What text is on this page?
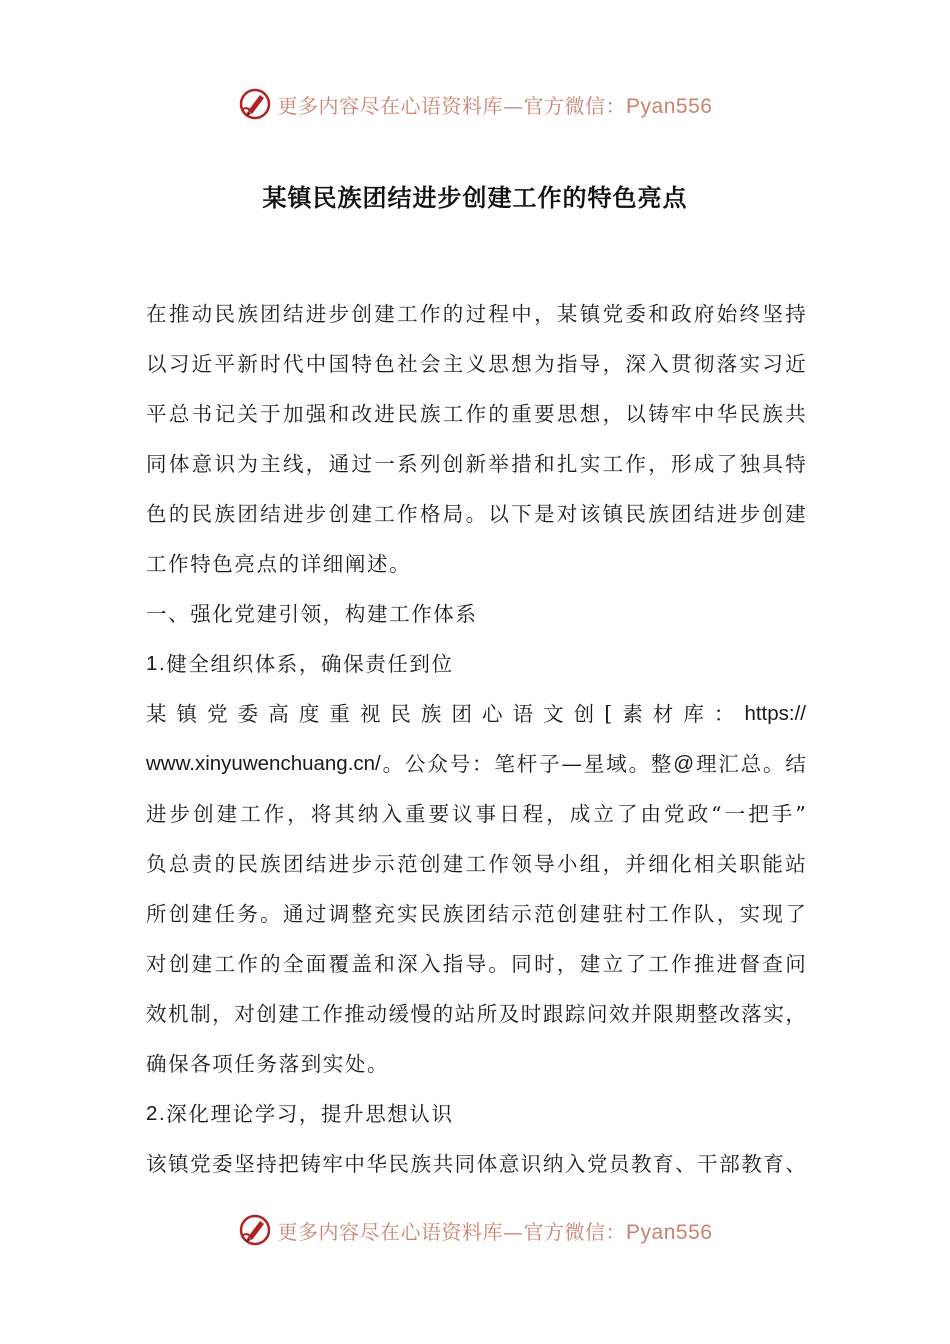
更多内容尽在心语资料库—官方微信：Pyan556
某镇民族团结进步创建工作的特色亮点
在 推 动 民 族 团 结 进 步 创 建 工 作 的 过 程 中 ， 某 镇 党 委 和 政 府 始 终 坚 持
以 习 近 平 新 时 代 中 国 特 色 社 会 主 义 思 想 为 指 导 ， 深 入 贯 彻 落 实 习 近
平 总 书 记 关 于 加 强 和 改 进 民 族 工 作 的 重 要 思 想 ， 以 铸 牢 中 华 民 族 共
同 体 意 识 为 主 线 ， 通 过 一 系 列 创 新 举 措 和 扎 实 工 作 ， 形 成 了 独 具 特
色 的 民 族 团 结 进 步 创 建 工 作 格 局 。 以 下 是 对 该 镇 民 族 团 结 进 步 创 建
工作特色亮点的详细阐述。
一、强化党建引领，构建工作体系
1. 健全组织体系，确保责任到位
某 镇 党 委 高 度 重 视 民 族 团 心 语 文 创 [ 素 材 库 ： https://
www.xinyuwenchuang.cn/ 。 公 众 号 ： 笔 杆 子 — 星 域 。 整 @ 理 汇 总 。 结
进 步 创 建 工 作 ， 将 其 纳 入 重 要 议 事 日 程 ， 成 立 了 由 党 政 “ 一 把 手 ”
负 总 责 的 民 族 团 结 进 步 示 范 创 建 工 作 领 导 小 组 ， 并 细 化 相 关 职 能 站
所 创 建 任 务 。 通 过 调 整 充 实 民 族 团 结 示 范 创 建 驻 村 工 作 队 ， 实 现 了
对 创 建 工 作 的 全 面 覆 盖 和 深 入 指 导 。 同 时 ， 建 立 了 工 作 推 进 督 查 问
效 机 制 ， 对 创 建 工 作 推 动 缓 慢 的 站 所 及 时 跟 踪 问 效 并 限 期 整 改 落 实 ，
确保各项任务落到实处。
2. 深化理论学习，提升思想认识
该 镇 党 委 坚 持 把 铸 牢 中 华 民 族 共 同 体 意 识 纳 入 党 员 教 育 、 干 部 教 育 、
更多内容尽在心语资料库—官方微信：Pyan556
